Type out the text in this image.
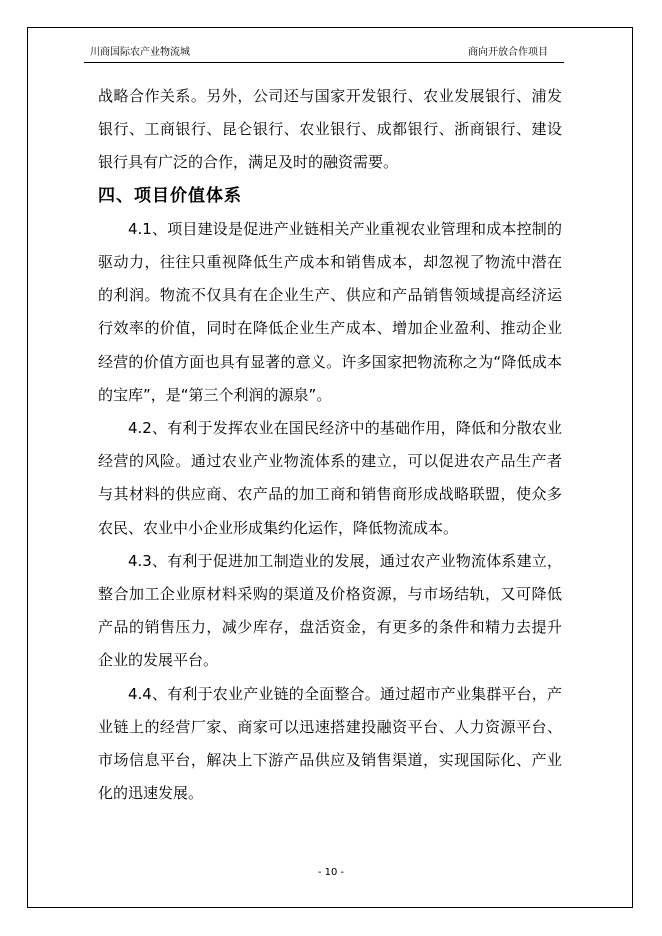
川商国际农产业物流城	商向开放合作项目

战略合作关系。另外，公司还与国家开发银行、农业发展银行、浦发银行、工商银行、昆仑银行、农业银行、成都银行、浙商银行、建设银行具有广泛的合作，满足及时的融资需要。

四、项目价值体系

4.1、项目建设是促进产业链相关产业重视农业管理和成本控制的驱动力，往往只重视降低生产成本和销售成本，却忽视了物流中潜在的利润。物流不仅具有在企业生产、供应和产品销售领域提高经济运行效率的价值，同时在降低企业生产成本、增加企业盈利、推动企业经营的价值方面也具有显著的意义。许多国家把物流称之为“降低成本的宝库”，是“第三个利润的源泉”。

4.2、有利于发挥农业在国民经济中的基础作用，降低和分散农业经营的风险。通过农业产业物流体系的建立，可以促进农产品生产者与其材料的供应商、农产品的加工商和销售商形成战略联盟，使众多农民、农业中小企业形成集约化运作，降低物流成本。

4.3、有利于促进加工制造业的发展，通过农产业物流体系建立，整合加工企业原材料采购的渠道及价格资源，与市场结轨，又可降低产品的销售压力，减少库存，盘活资金，有更多的条件和精力去提升企业的发展平台。

4.4、有利于农业产业链的全面整合。通过超市产业集群平台，产业链上的经营厂家、商家可以迅速搭建投融资平台、人力资源平台、市场信息平台，解决上下游产品供应及销售渠道，实现国际化、产业化的迅速发展。

- 10 -
